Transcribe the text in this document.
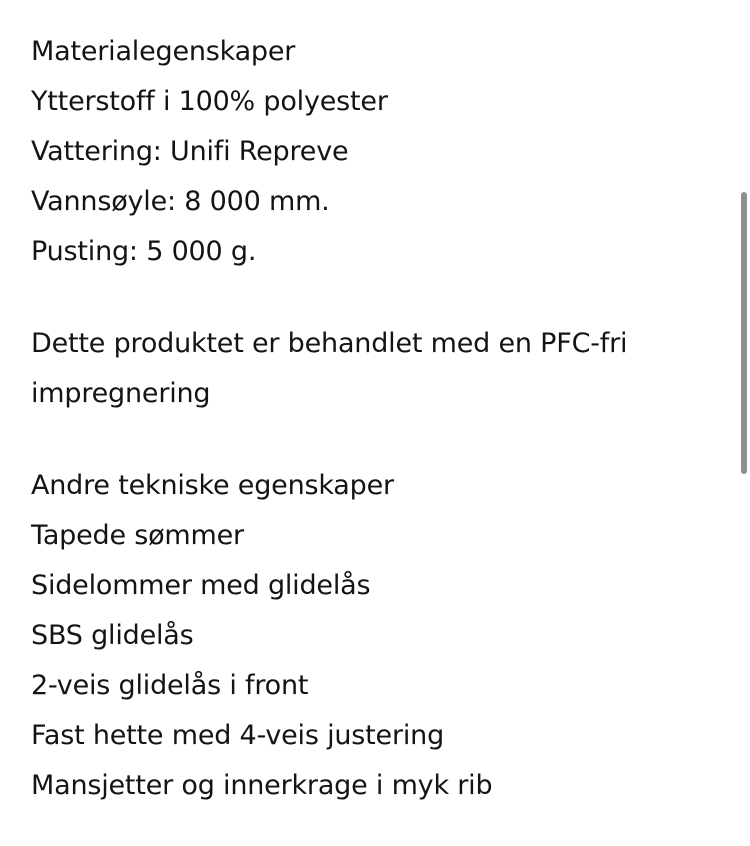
Materialegenskaper
Ytterstoff i 100% polyester
Vattering: Unifi Repreve
Vannsøyle: 8 000 mm.
Pusting: 5 000 g.
Dette produktet er behandlet med en PFC-fri
impregnering
Andre tekniske egenskaper
Tapede sømmer
Sidelommer med glidelås
SBS glidelås
2-veis glidelås i front
Fast hette med 4-veis justering
Mansjetter og innerkrage i myk rib
